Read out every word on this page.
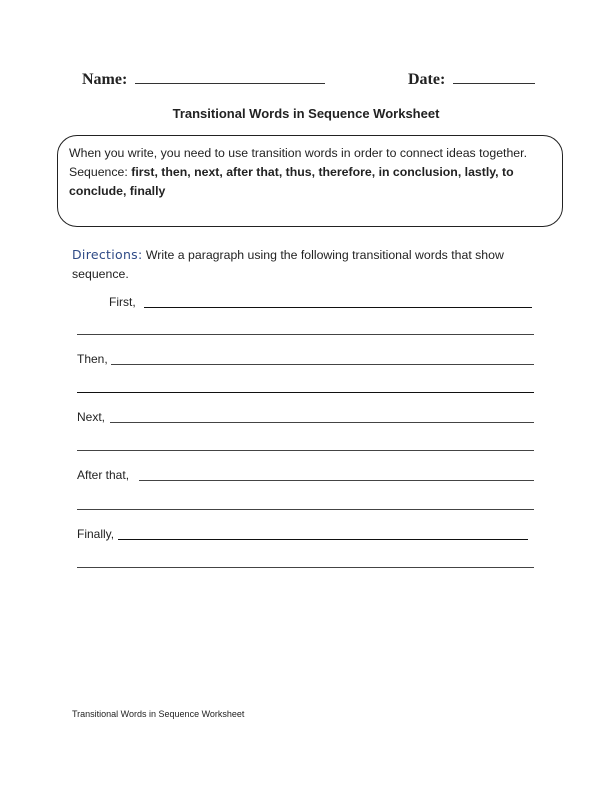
Name:	Date:
Transitional Words in Sequence Worksheet
When you write, you need to use transition words in order to connect ideas together.
Sequence: first, then, next, after that, thus, therefore, in conclusion, lastly, to conclude, finally
Directions: Write a paragraph using the following transitional words that show sequence.
First,
Then,
Next,
After that,
Finally,
Transitional Words in Sequence Worksheet
